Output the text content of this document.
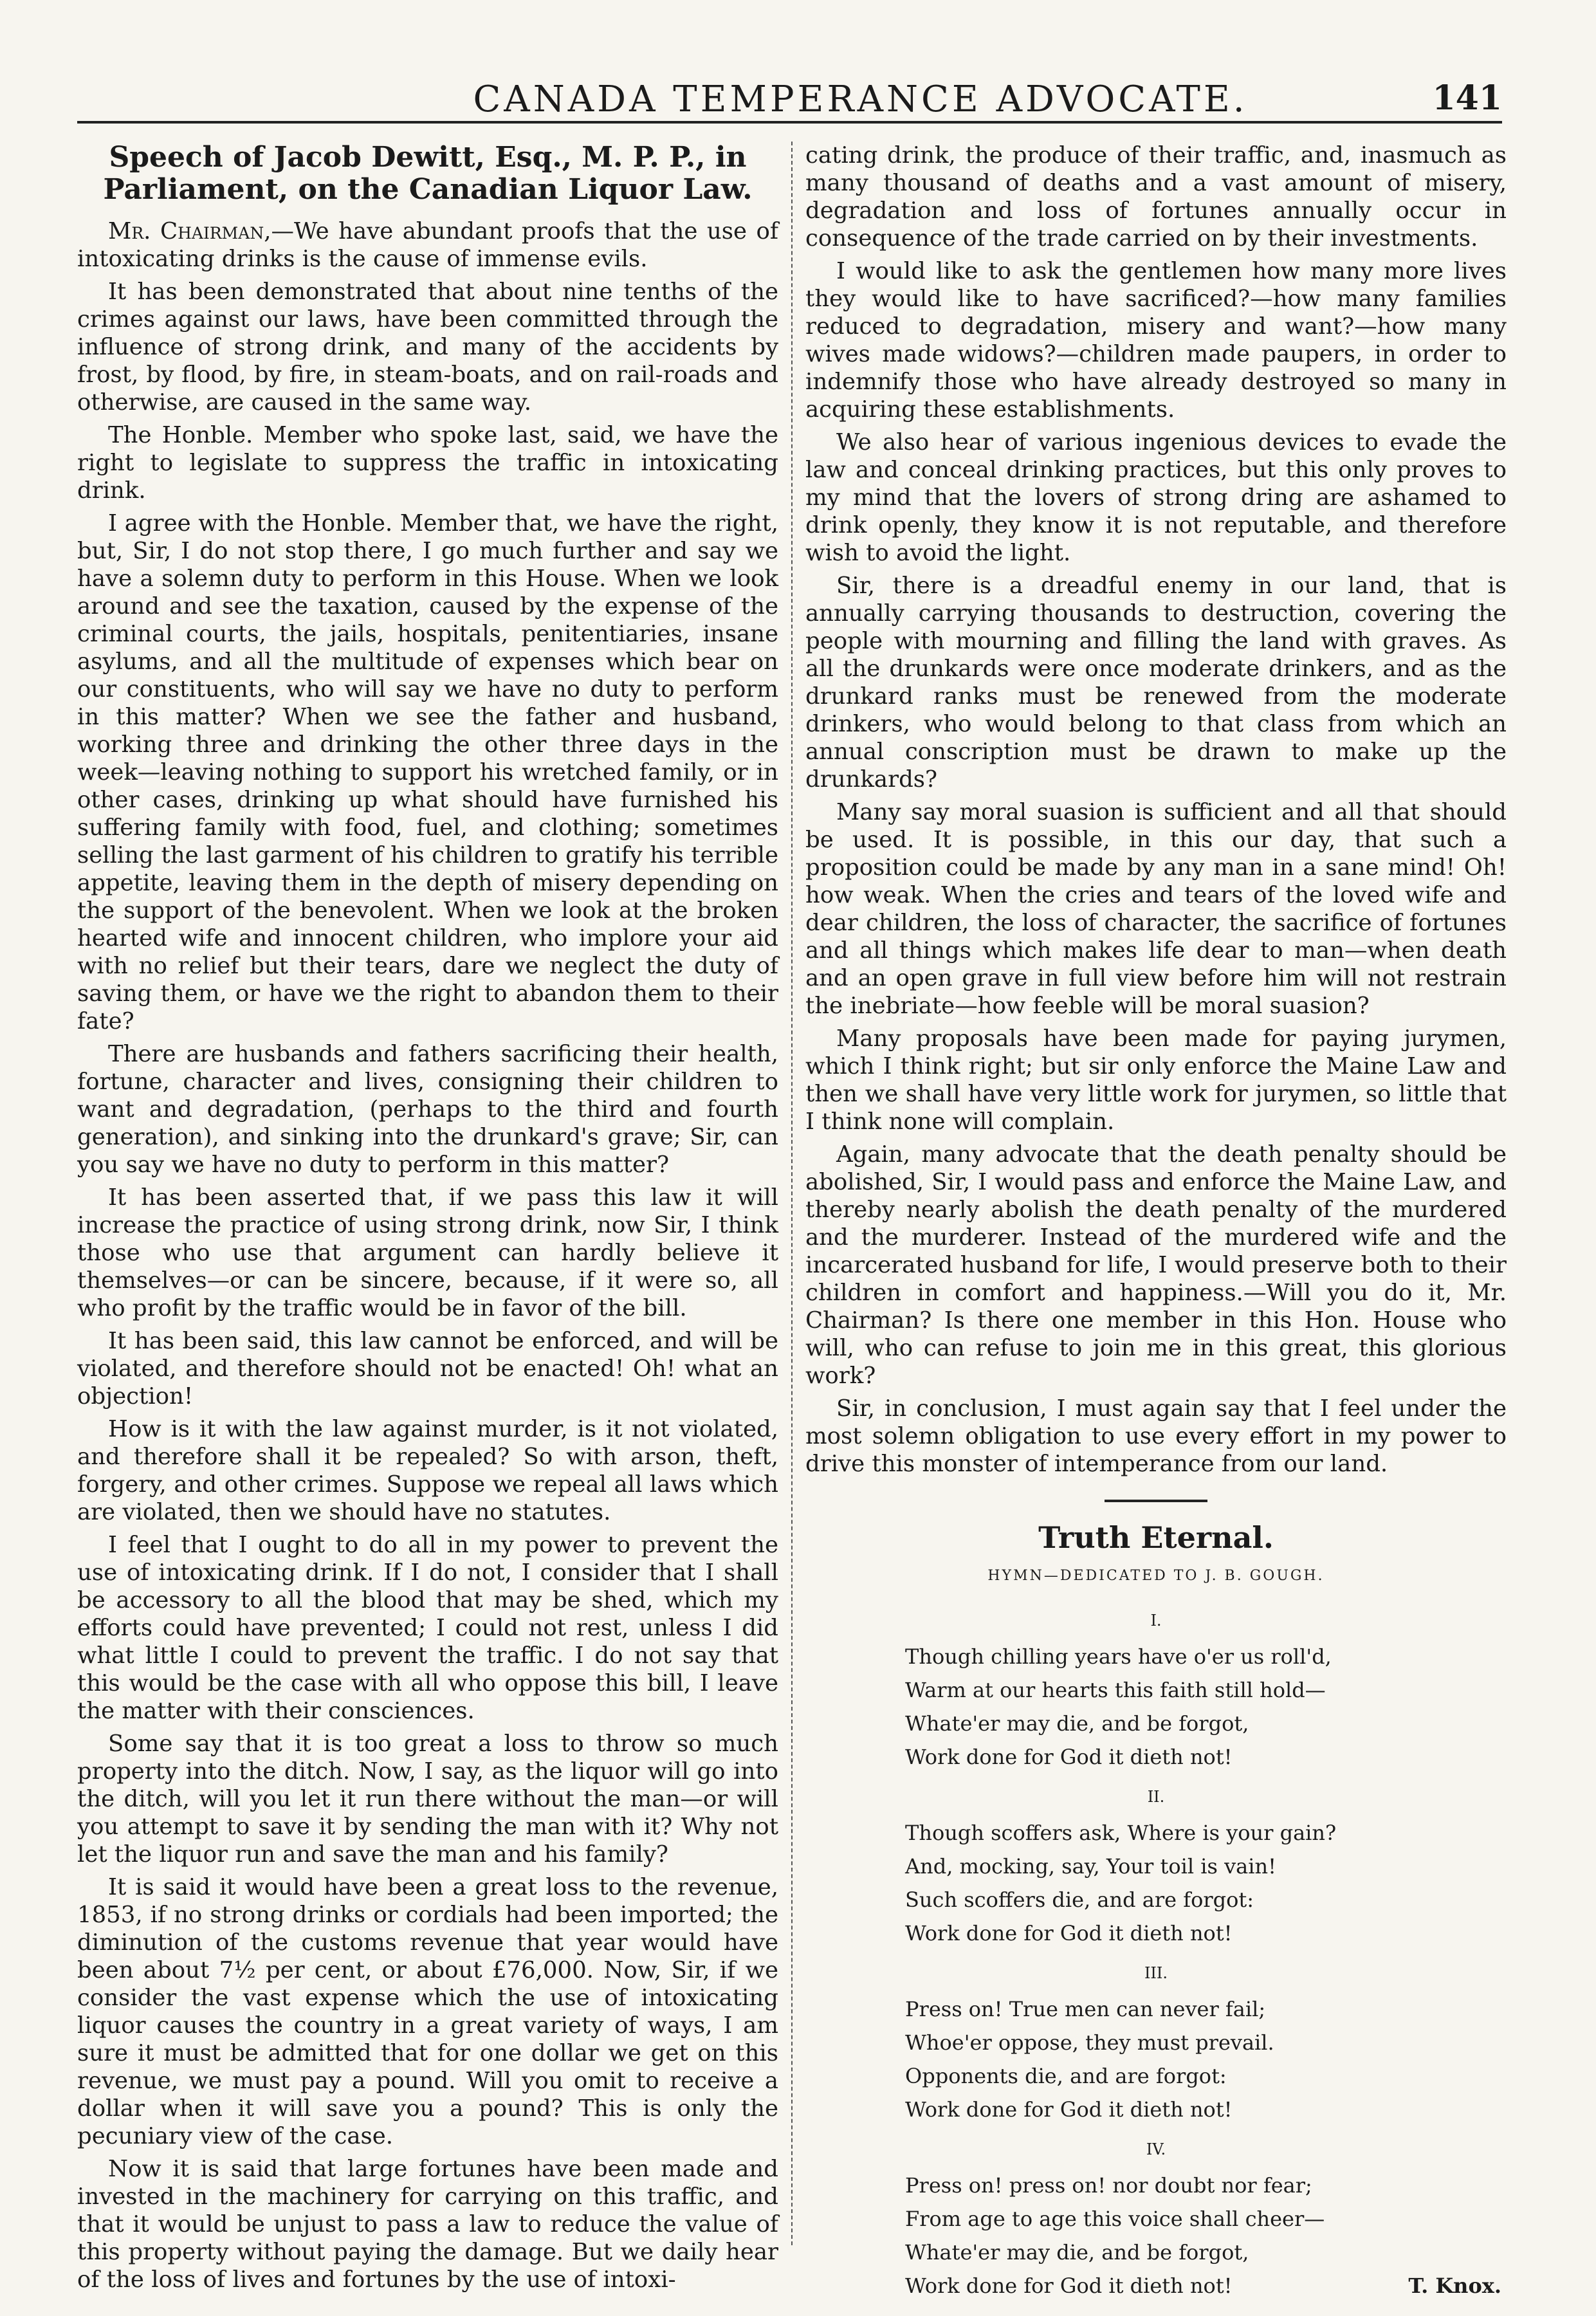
CANADA TEMPERANCE ADVOCATE.	141
Speech of Jacob Dewitt, Esq., M. P. P., in Parliament, on the Canadian Liquor Law.

Mr. Chairman,—We have abundant proofs that the use of intoxicating drinks is the cause of immense evils.

It has been demonstrated that about nine tenths of the crimes against our laws, have been committed through the influence of strong drink, and many of the accidents by frost, by flood, by fire, in steam-boats, and on rail-roads and otherwise, are caused in the same way.

The Honble. Member who spoke last, said, we have the right to legislate to suppress the traffic in intoxicating drink.

I agree with the Honble. Member that, we have the right, but, Sir, I do not stop there, I go much further and say we have a solemn duty to perform in this House. When we look around and see the taxation, caused by the expense of the criminal courts, the jails, hospitals, penitentiaries, insane asylums, and all the multitude of expenses which bear on our constituents, who will say we have no duty to perform in this matter? When we see the father and husband, working three and drinking the other three days in the week—leaving nothing to support his wretched family, or in other cases, drinking up what should have furnished his suffering family with food, fuel, and clothing; sometimes selling the last garment of his children to gratify his terrible appetite, leaving them in the depth of misery depending on the support of the benevolent. When we look at the broken hearted wife and innocent children, who implore your aid with no relief but their tears, dare we neglect the duty of saving them, or have we the right to abandon them to their fate?

There are husbands and fathers sacrificing their health, fortune, character and lives, consigning their children to want and degradation, (perhaps to the third and fourth generation), and sinking into the drunkard's grave; Sir, can you say we have no duty to perform in this matter?

It has been asserted that, if we pass this law it will increase the practice of using strong drink, now Sir, I think those who use that argument can hardly believe it themselves—or can be sincere, because, if it were so, all who profit by the traffic would be in favor of the bill.

It has been said, this law cannot be enforced, and will be violated, and therefore should not be enacted! Oh! what an objection!

How is it with the law against murder, is it not violated, and therefore shall it be repealed? So with arson, theft, forgery, and other crimes. Suppose we repeal all laws which are violated, then we should have no statutes.

I feel that I ought to do all in my power to prevent the use of intoxicating drink. If I do not, I consider that I shall be accessory to all the blood that may be shed, which my efforts could have prevented; I could not rest, unless I did what little I could to prevent the traffic. I do not say that this would be the case with all who oppose this bill, I leave the matter with their consciences.

Some say that it is too great a loss to throw so much property into the ditch. Now, I say, as the liquor will go into the ditch, will you let it run there without the man—or will you attempt to save it by sending the man with it? Why not let the liquor run and save the man and his family?

It is said it would have been a great loss to the revenue, 1853, if no strong drinks or cordials had been imported; the diminution of the customs revenue that year would have been about 7½ per cent, or about £76,000. Now, Sir, if we consider the vast expense which the use of intoxicating liquor causes the country in a great variety of ways, I am sure it must be admitted that for one dollar we get on this revenue, we must pay a pound. Will you omit to receive a dollar when it will save you a pound? This is only the pecuniary view of the case.

Now it is said that large fortunes have been made and invested in the machinery for carrying on this traffic, and that it would be unjust to pass a law to reduce the value of this property without paying the damage. But we daily hear of the loss of lives and fortunes by the use of intoxi-

cating drink, the produce of their traffic, and, inasmuch as many thousand of deaths and a vast amount of misery, degradation and loss of fortunes annually occur in consequence of the trade carried on by their investments.

I would like to ask the gentlemen how many more lives they would like to have sacrificed?—how many families reduced to degradation, misery and want?—how many wives made widows?—children made paupers, in order to indemnify those who have already destroyed so many in acquiring these establishments.

We also hear of various ingenious devices to evade the law and conceal drinking practices, but this only proves to my mind that the lovers of strong dring are ashamed to drink openly, they know it is not reputable, and therefore wish to avoid the light.

Sir, there is a dreadful enemy in our land, that is annually carrying thousands to destruction, covering the people with mourning and filling the land with graves. As all the drunkards were once moderate drinkers, and as the drunkard ranks must be renewed from the moderate drinkers, who would belong to that class from which an annual conscription must be drawn to make up the drunkards?

Many say moral suasion is sufficient and all that should be used. It is possible, in this our day, that such a proposition could be made by any man in a sane mind! Oh! how weak. When the cries and tears of the loved wife and dear children, the loss of character, the sacrifice of fortunes and all things which makes life dear to man—when death and an open grave in full view before him will not restrain the inebriate—how feeble will be moral suasion?

Many proposals have been made for paying jurymen, which I think right; but sir only enforce the Maine Law and then we shall have very little work for jurymen, so little that I think none will complain.

Again, many advocate that the death penalty should be abolished, Sir, I would pass and enforce the Maine Law, and thereby nearly abolish the death penalty of the murdered and the murderer. Instead of the murdered wife and the incarcerated husband for life, I would preserve both to their children in comfort and happiness.—Will you do it, Mr. Chairman? Is there one member in this Hon. House who will, who can refuse to join me in this great, this glorious work?

Sir, in conclusion, I must again say that I feel under the most solemn obligation to use every effort in my power to drive this monster of intemperance from our land.

Truth Eternal.
HYMN—DEDICATED TO J. B. GOUGH.
I.
Though chilling years have o'er us roll'd,
Warm at our hearts this faith still hold—
Whate'er may die, and be forgot,
Work done for God it dieth not!
II.
Though scoffers ask, Where is your gain?
And, mocking, say, Your toil is vain!
Such scoffers die, and are forgot:
Work done for God it dieth not!
III.
Press on! True men can never fail;
Whoe'er oppose, they must prevail.
Opponents die, and are forgot:
Work done for God it dieth not!
IV.
Press on! press on! nor doubt nor fear;
From age to age this voice shall cheer—
Whate'er may die, and be forgot,
Work done for God it dieth not!	T. Knox.
